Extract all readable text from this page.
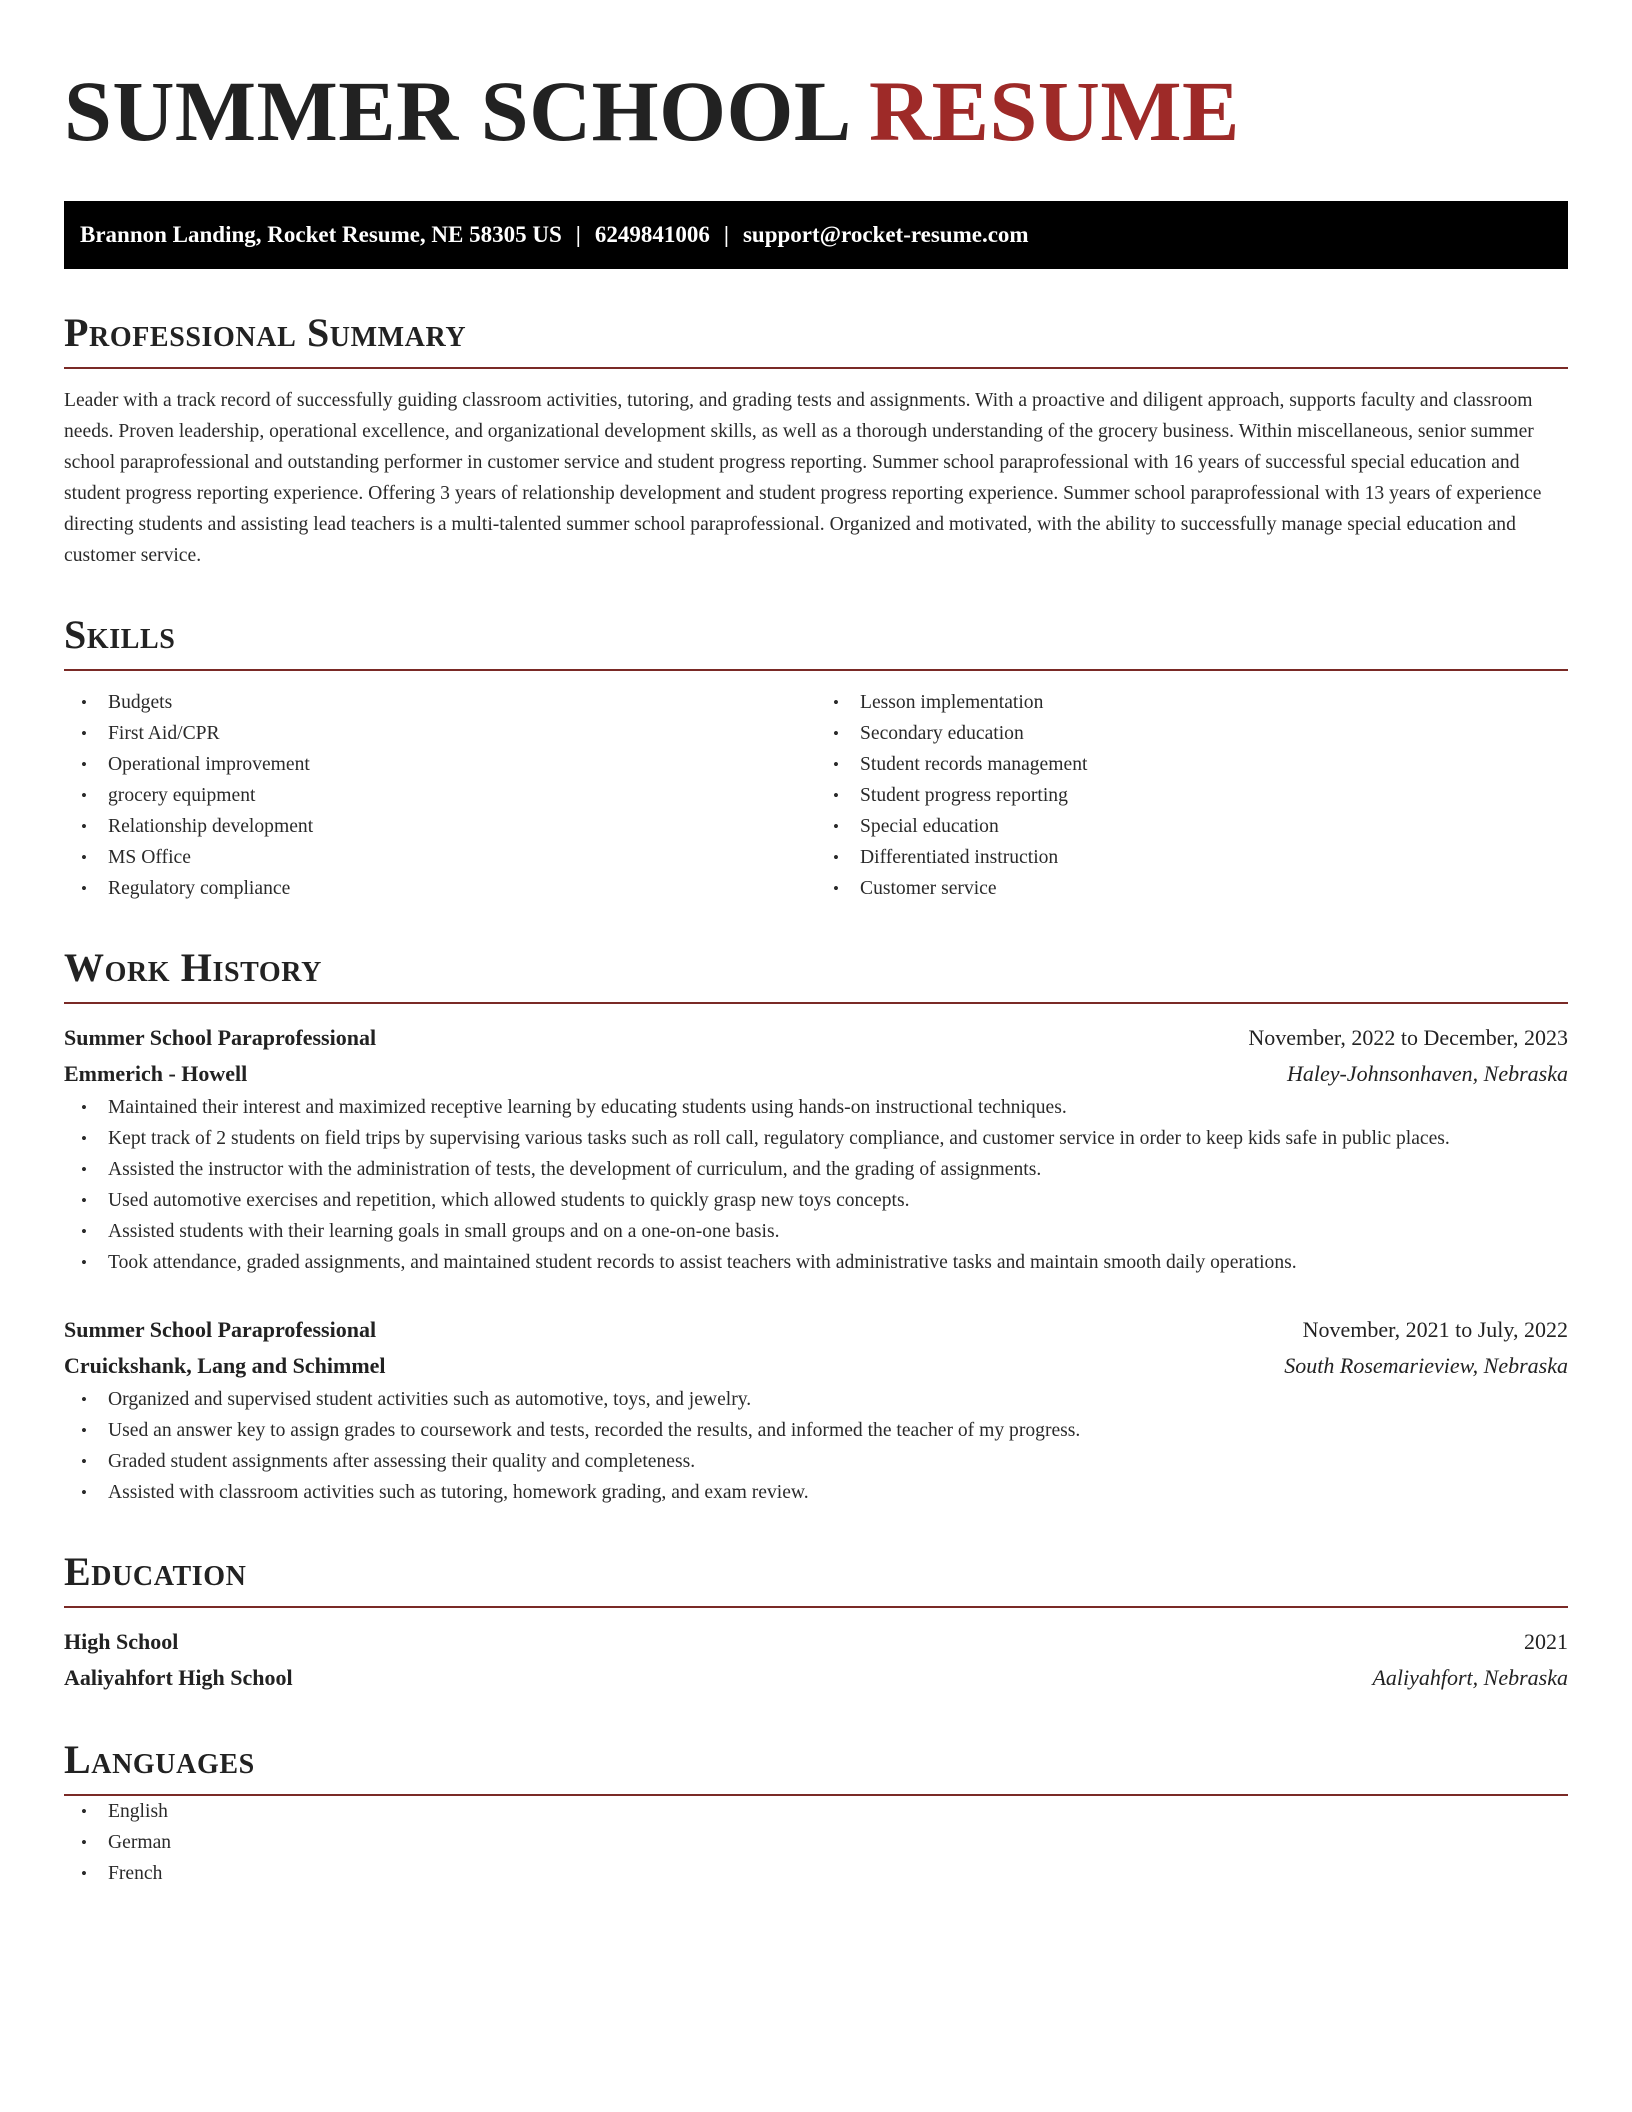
SUMMER SCHOOL RESUME
Brannon Landing, Rocket Resume, NE 58305 US | 6249841006 | support@rocket-resume.com
Professional Summary

Leader with a track record of successfully guiding classroom activities, tutoring, and grading tests and assignments. With a proactive and diligent approach, supports faculty and classroom needs. Proven leadership, operational excellence, and organizational development skills, as well as a thorough understanding of the grocery business. Within miscellaneous, senior summer school paraprofessional and outstanding performer in customer service and student progress reporting. Summer school paraprofessional with 16 years of successful special education and student progress reporting experience. Offering 3 years of relationship development and student progress reporting experience. Summer school paraprofessional with 13 years of experience directing students and assisting lead teachers is a multi-talented summer school paraprofessional. Organized and motivated, with the ability to successfully manage special education and customer service.

Skills
• Budgets
• First Aid/CPR
• Operational improvement
• grocery equipment
• Relationship development
• MS Office
• Regulatory compliance
• Lesson implementation
• Secondary education
• Student records management
• Student progress reporting
• Special education
• Differentiated instruction
• Customer service
Work History
Summer School Paraprofessional	November, 2022 to December, 2023
Emmerich - Howell	Haley-Johnsonhaven, Nebraska
• Maintained their interest and maximized receptive learning by educating students using hands-on instructional techniques.
• Kept track of 2 students on field trips by supervising various tasks such as roll call, regulatory compliance, and customer service in order to keep kids safe in public places.
• Assisted the instructor with the administration of tests, the development of curriculum, and the grading of assignments.
• Used automotive exercises and repetition, which allowed students to quickly grasp new toys concepts.
• Assisted students with their learning goals in small groups and on a one-on-one basis.
• Took attendance, graded assignments, and maintained student records to assist teachers with administrative tasks and maintain smooth daily operations.
Summer School Paraprofessional	November, 2021 to July, 2022
Cruickshank, Lang and Schimmel	South Rosemarieview, Nebraska
• Organized and supervised student activities such as automotive, toys, and jewelry.
• Used an answer key to assign grades to coursework and tests, recorded the results, and informed the teacher of my progress.
• Graded student assignments after assessing their quality and completeness.
• Assisted with classroom activities such as tutoring, homework grading, and exam review.
Education
High School	2021
Aaliyahfort High School	Aaliyahfort, Nebraska
Languages
• English
• German
• French
